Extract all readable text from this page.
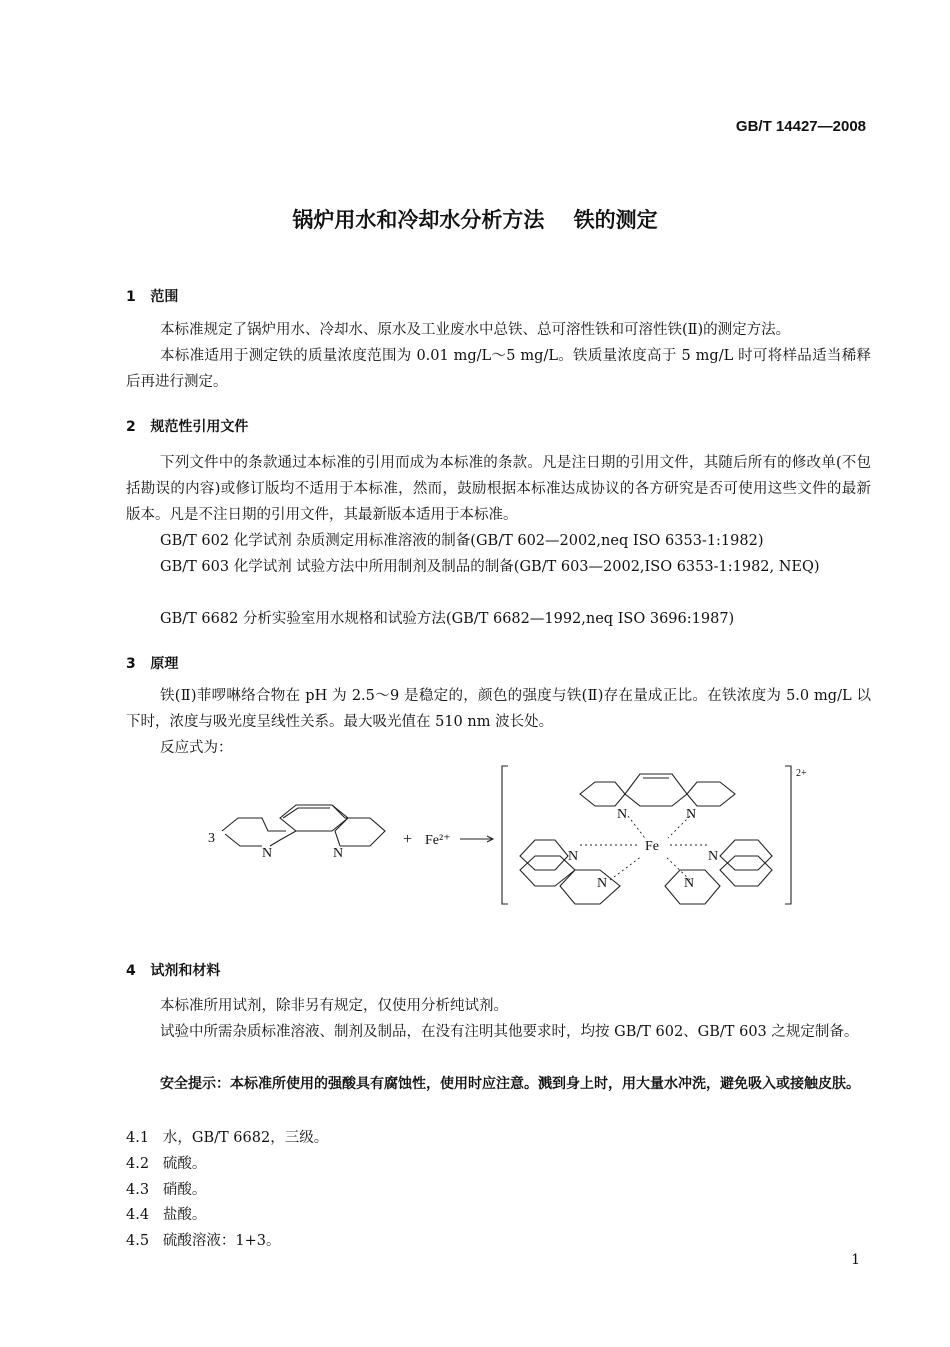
GB/T 14427—2008
锅炉用水和冷却水分析方法    铁的测定
1   范围
本标准规定了锅炉用水、冷却水、原水及工业废水中总铁、总可溶性铁和可溶性铁(Ⅱ)的测定方法。
本标准适用于测定铁的质量浓度范围为 0.01 mg/L～5 mg/L。铁质量浓度高于 5 mg/L 时可将样品适当稀释后再进行测定。
2   规范性引用文件
下列文件中的条款通过本标准的引用而成为本标准的条款。凡是注日期的引用文件，其随后所有的修改单(不包括勘误的内容)或修订版均不适用于本标准，然而，鼓励根据本标准达成协议的各方研究是否可使用这些文件的最新版本。凡是不注日期的引用文件，其最新版本适用于本标准。
GB/T 602 化学试剂 杂质测定用标准溶液的制备(GB/T 602—2002,neq ISO 6353-1:1982)
GB/T 603 化学试剂 试验方法中所用制剂及制品的制备(GB/T 603—2002,ISO 6353-1:1982, NEQ)
GB/T 6682 分析实验室用水规格和试验方法(GB/T 6682—1992,neq ISO 3696:1987)
3   原理
铁(Ⅱ)菲啰啉络合物在 pH 为 2.5～9 是稳定的，颜色的强度与铁(Ⅱ)存在量成正比。在铁浓度为 5.0 mg/L 以下时，浓度与吸光度呈线性关系。最大吸光值在 510 nm 波长处。
反应式为：
3
N	N
+ Fe²⁺
N	N
Fe
N	N
N	N
2+
4   试剂和材料
本标准所用试剂，除非另有规定，仅使用分析纯试剂。
试验中所需杂质标准溶液、制剂及制品，在没有注明其他要求时，均按 GB/T 602、GB/T 603 之规定制备。
安全提示：本标准所使用的强酸具有腐蚀性，使用时应注意。溅到身上时，用大量水冲洗，避免吸入或接触皮肤。
4.1   水，GB/T 6682，三级。
4.2   硫酸。
4.3   硝酸。
4.4   盐酸。
4.5   硫酸溶液：1+3。
1
